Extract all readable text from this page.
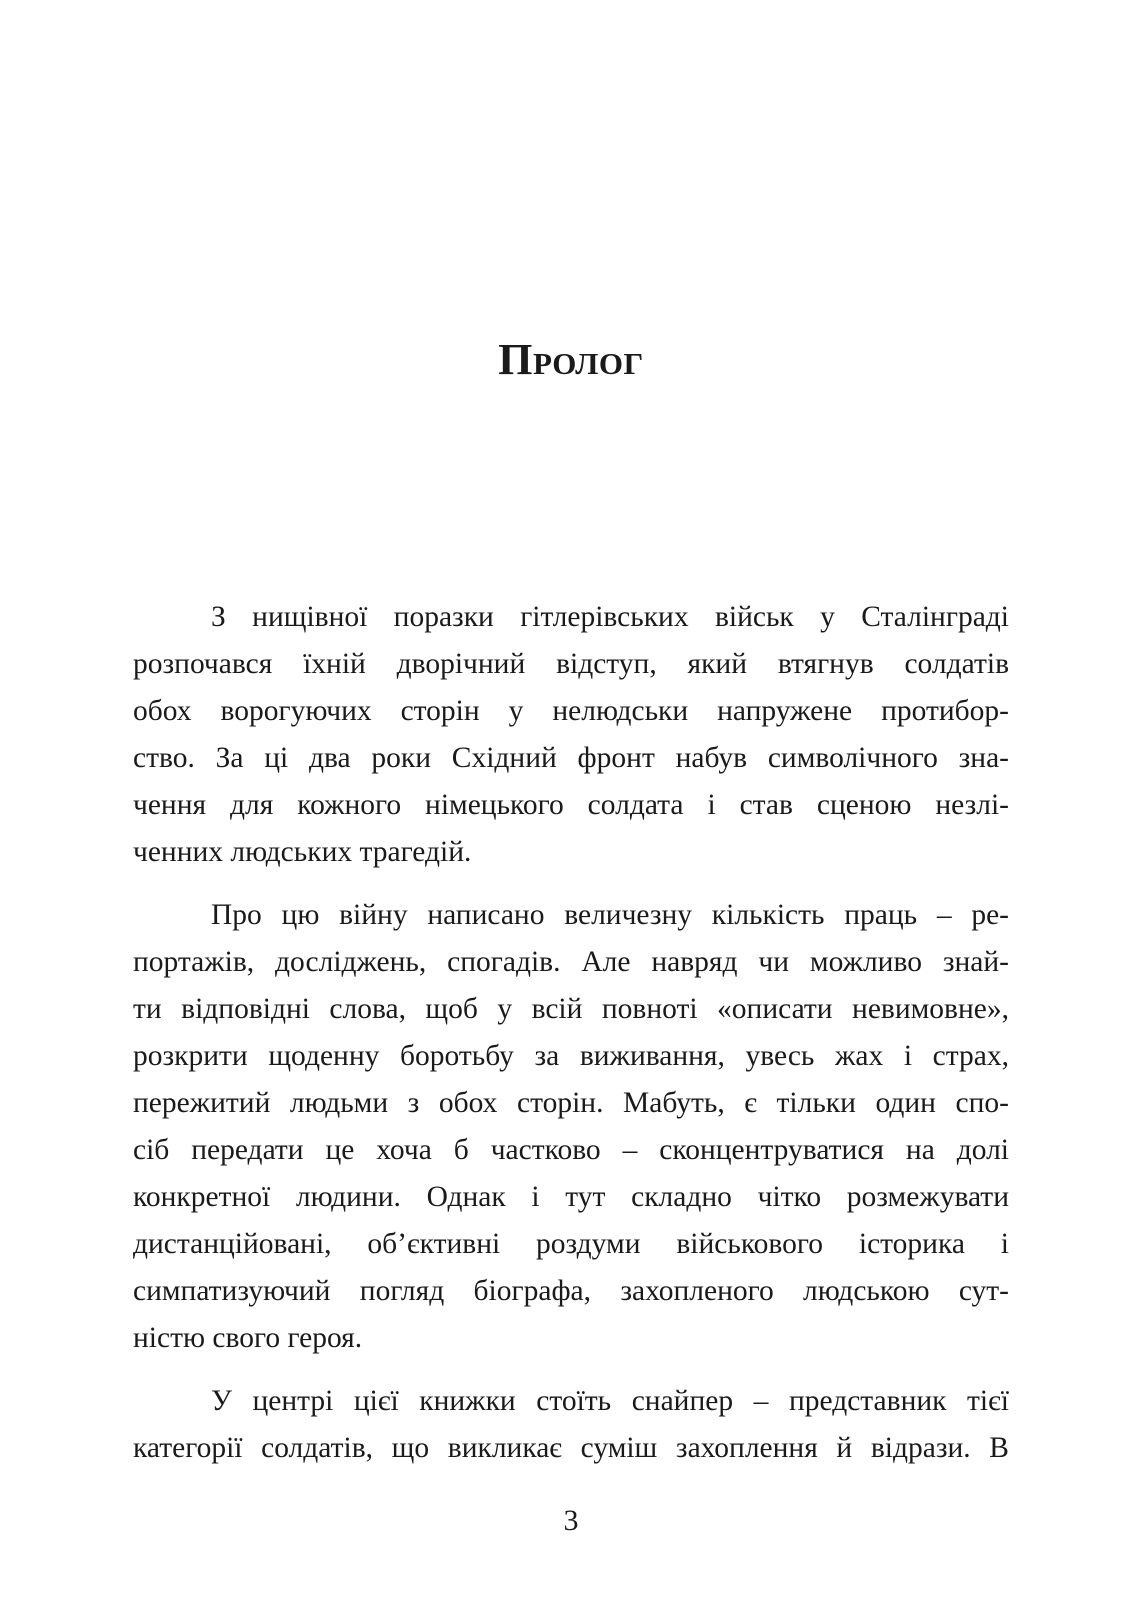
Пролог
З нищівної поразки гітлерівських військ у Сталінграді
розпочався їхній дворічний відступ, який втягнув солдатів
обох ворогуючих сторін у нелюдськи напружене протибор-
ство. За ці два роки Східний фронт набув символічного зна-
чення для кожного німецького солдата і став сценою незлі-
ченних людських трагедій.
Про цю війну написано величезну кількість праць – ре-
портажів, досліджень, спогадів. Але навряд чи можливо знай-
ти відповідні слова, щоб у всій повноті «описати невимовне»,
розкрити щоденну боротьбу за виживання, увесь жах і страх,
пережитий людьми з обох сторін. Мабуть, є тільки один спо-
сіб передати це хоча б частково – сконцентруватися на долі
конкретної людини. Однак і тут складно чітко розмежувати
дистанційовані, об’єктивні роздуми військового історика і
симпатизуючий погляд біографа, захопленого людською сут-
ністю свого героя.
У центрі цієї книжки стоїть снайпер – представник тієї
категорії солдатів, що викликає суміш захоплення й відрази. В
3
